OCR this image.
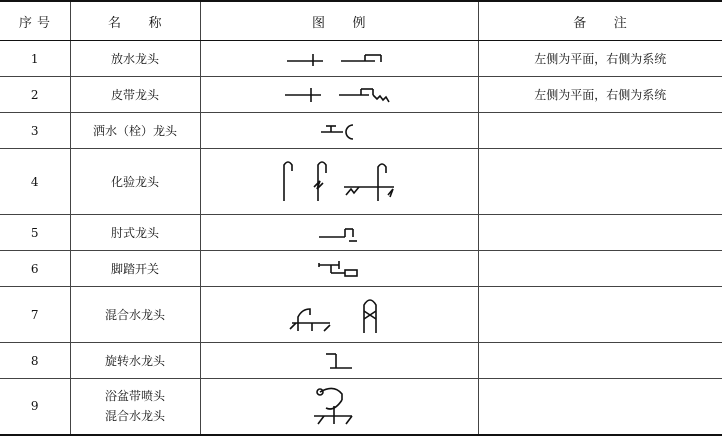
序 号	名　　称	图　　例	备　　注
1	放水龙头		左侧为平面，右侧为系统
2	皮带龙头		左侧为平面，右侧为系统
3	洒水（栓）龙头	

4	化验龙头	

5	肘式龙头	

6	脚踏开关	

7	混合水龙头	

8	旋转水龙头	

9	浴盆带喷头
混合水龙头
